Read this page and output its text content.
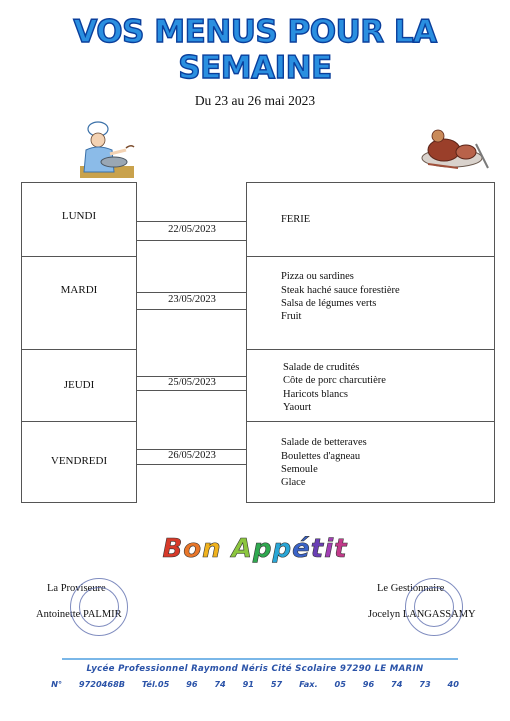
VOS MENUS POUR LA SEMAINE
Du 23 au 26 mai 2023
LUNDI
MARDI
JEUDI
VENDREDI
22/05/2023
23/05/2023
25/05/2023
26/05/2023
FERIE
Pizza ou sardines
Steak haché sauce forestière
Salsa de légumes verts
Fruit
Salade de crudités
Côte de porc charcutière
Haricots blancs
Yaourt
Salade de betteraves
Boulettes d'agneau
Semoule
Glace
Bon Appétit
La Proviseure
Antoinette PALMIR
Le Gestionnaire
Jocelyn LANGASSAMY
Lycée Professionnel Raymond Néris Cité Scolaire 97290 LE MARIN
N° 9720468B Tél.05 96 74 91 57 Fax. 05 96 74 73 40
